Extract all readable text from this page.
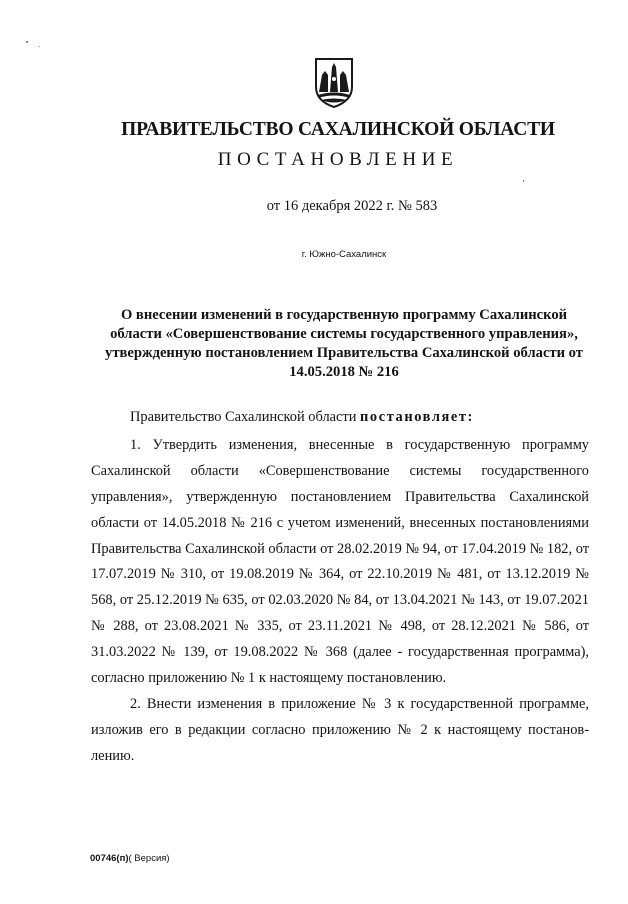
ПРАВИТЕЛЬСТВО САХАЛИНСКОЙ ОБЛАСТИ
ПОСТАНОВЛЕНИЕ
от 16 декабря 2022 г. № 583
г. Южно-Сахалинск
О внесении изменений в государственную программу Сахалинской
области «Совершенствование системы государственного управления»,
утвержденную постановлением Правительства Сахалинской области от
14.05.2018 № 216

Правительство Сахалинской области постановляет:

1. Утвердить изменения, внесенные в государственную программу Сахалинской области «Совершенствование системы государственного управления», утвержденную постановлением Правительства Сахалинской области от 14.05.2018 № 216 с учетом изменений, внесенных постановлениями Правительства Сахалинской области от 28.02.2019 № 94, от 17.04.2019 № 182, от 17.07.2019 № 310, от 19.08.2019 № 364, от 22.10.2019 № 481, от 13.12.2019 № 568, от 25.12.2019 № 635, от 02.03.2020 № 84, от 13.04.2021 № 143, от 19.07.2021 № 288, от 23.08.2021 № 335, от 23.11.2021 № 498, от 28.12.2021 № 586, от 31.03.2022 № 139, от 19.08.2022 № 368 (далее - государственная программа), согласно приложению № 1 к настоящему постановлению.

2. Внести изменения в приложение № 3 к государственной программе, изложив его в редакции согласно приложению № 2 к настоящему постановлению.

00746(п)( Версия)
